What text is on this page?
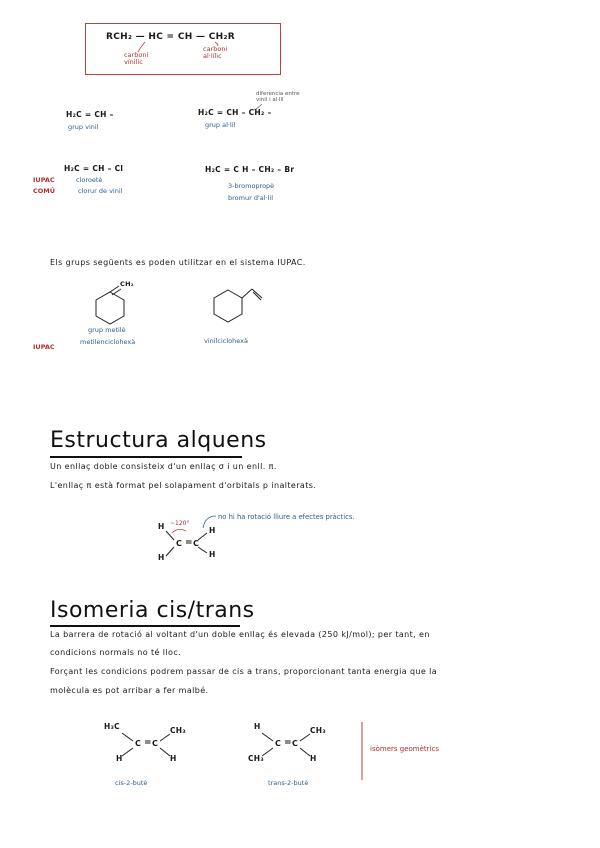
RCH₂ — HC = CH — CH₂R
carboni
vínilic
carboni
al·lílic
H₂C = CH –
grup vinil
H₂C = CH – CH₂ –
grup al·lil
diferència entre
vinil i al·lil
IUPAC
COMÚ
H₂C = CH – Cl
cloroetè
clorur de vinil
H₂C = C H – CH₂ – Br
3-bromopropè
bromur d'al·lil
Els grups següents es poden utilitzar en el sistema IUPAC.
CH₂
grup metilè
metilenciclohexà	vinilciclohexà
IUPAC
Estructura alquens
Un enllaç doble consisteix d'un enllaç σ i un enll. π.
L'enllaç π està format pel solapament d'orbitals p inalterats.
H
H
C = C
H
H
~120°
no hi ha rotació lliure a efectes pràctics.
Isomeria cis/trans
La barrera de rotació al voltant d'un doble enllaç és elevada (250 kJ/mol); per tant, en
condicions normals no té lloc.
Forçant les condicions podrem passar de cis a trans, proporcionant tanta energia que la
molècula es pot arribar a fer malbé.
H₃C
H
C = C
CH₃
H
cis-2-butè
H
CH₃
C = C
CH₃
H
trans-2-butè
isòmers geomètrics
